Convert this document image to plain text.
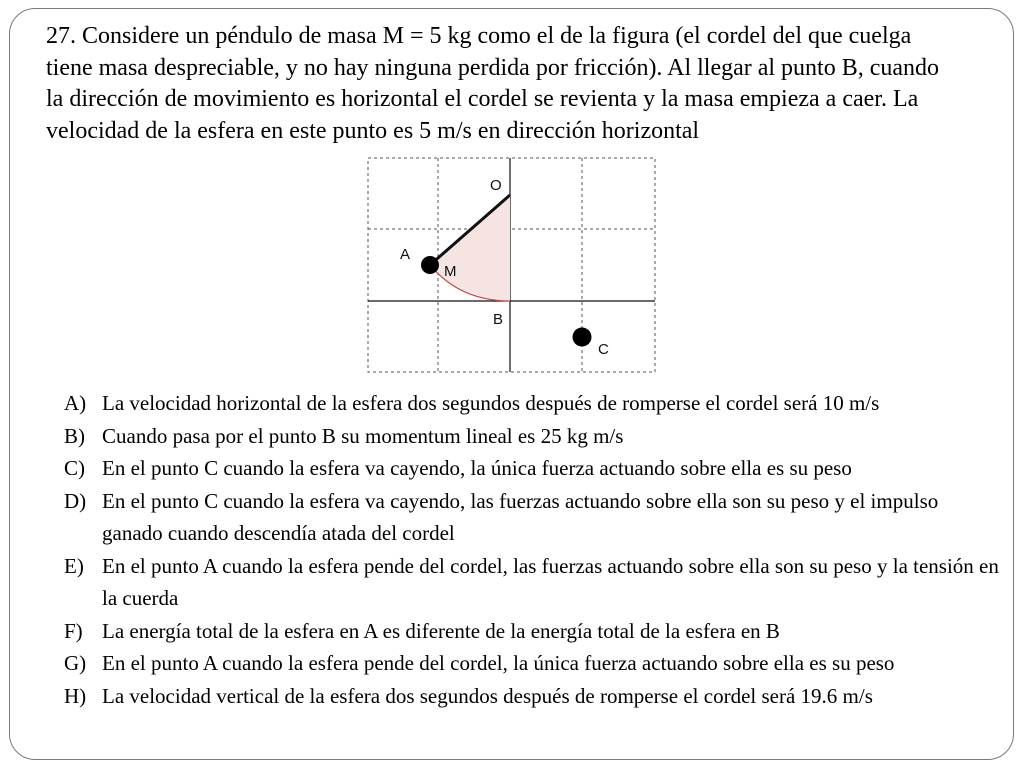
27. Considere un péndulo de masa M = 5 kg como el de la figura (el cordel del que cuelga tiene masa despreciable, y no hay ninguna perdida por fricción). Al llegar al punto B, cuando la dirección de movimiento es horizontal el cordel se revienta y la masa empieza a caer. La velocidad de la esfera en este punto es 5 m/s en dirección horizontal

O
A
M
B
C
A) La velocidad horizontal de la esfera dos segundos después de romperse el cordel será 10 m/s
B) Cuando pasa por el punto B su momentum lineal es 25 kg m/s
C) En el punto C cuando la esfera va cayendo, la única fuerza actuando sobre ella es su peso
D) En el punto C cuando la esfera va cayendo, las fuerzas actuando sobre ella son su peso y el impulso ganado cuando descendía atada del cordel
E) En el punto A cuando la esfera pende del cordel, las fuerzas actuando sobre ella son su peso y la tensión en la cuerda
F) La energía total de la esfera en A es diferente de la energía total de la esfera en B
G) En el punto A cuando la esfera pende del cordel, la única fuerza actuando sobre ella es su peso
H) La velocidad vertical de la esfera dos segundos después de romperse el cordel será 19.6 m/s
